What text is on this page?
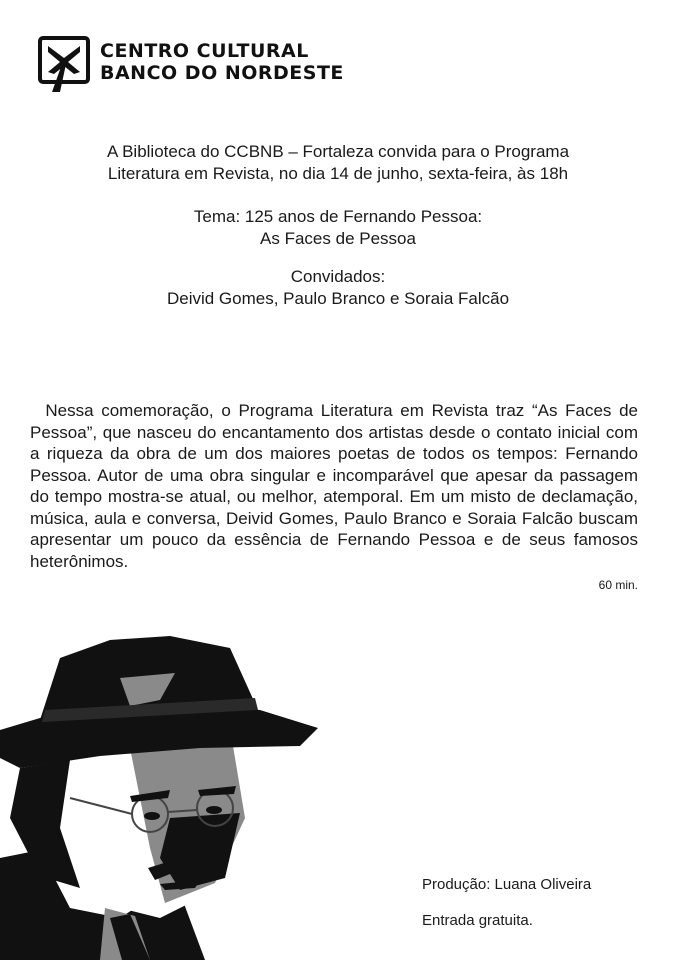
CENTRO CULTURAL
BANCO DO NORDESTE
A Biblioteca do CCBNB – Fortaleza convida para o Programa
Literatura em Revista, no dia 14 de junho, sexta-feira, às 18h
Tema: 125 anos de Fernando Pessoa:
As Faces de Pessoa
Convidados:
Deivid Gomes, Paulo Branco e Soraia Falcão
Nessa comemoração, o Programa Literatura em Revista traz “As Faces de Pessoa”, que nasceu do encantamento dos artistas desde o contato inicial com a riqueza da obra de um dos maiores poetas de todos os tempos: Fernando Pessoa. Autor de uma obra singular e incomparável que apesar da passagem do tempo mostra-se atual, ou melhor, atemporal. Em um misto de declamação, música, aula e conversa, Deivid Gomes, Paulo Branco e Soraia Falcão buscam apresentar um pouco da essência de Fernando Pessoa e de seus famosos heterônimos.
60 min.
Produção: Luana Oliveira
Entrada gratuita.
